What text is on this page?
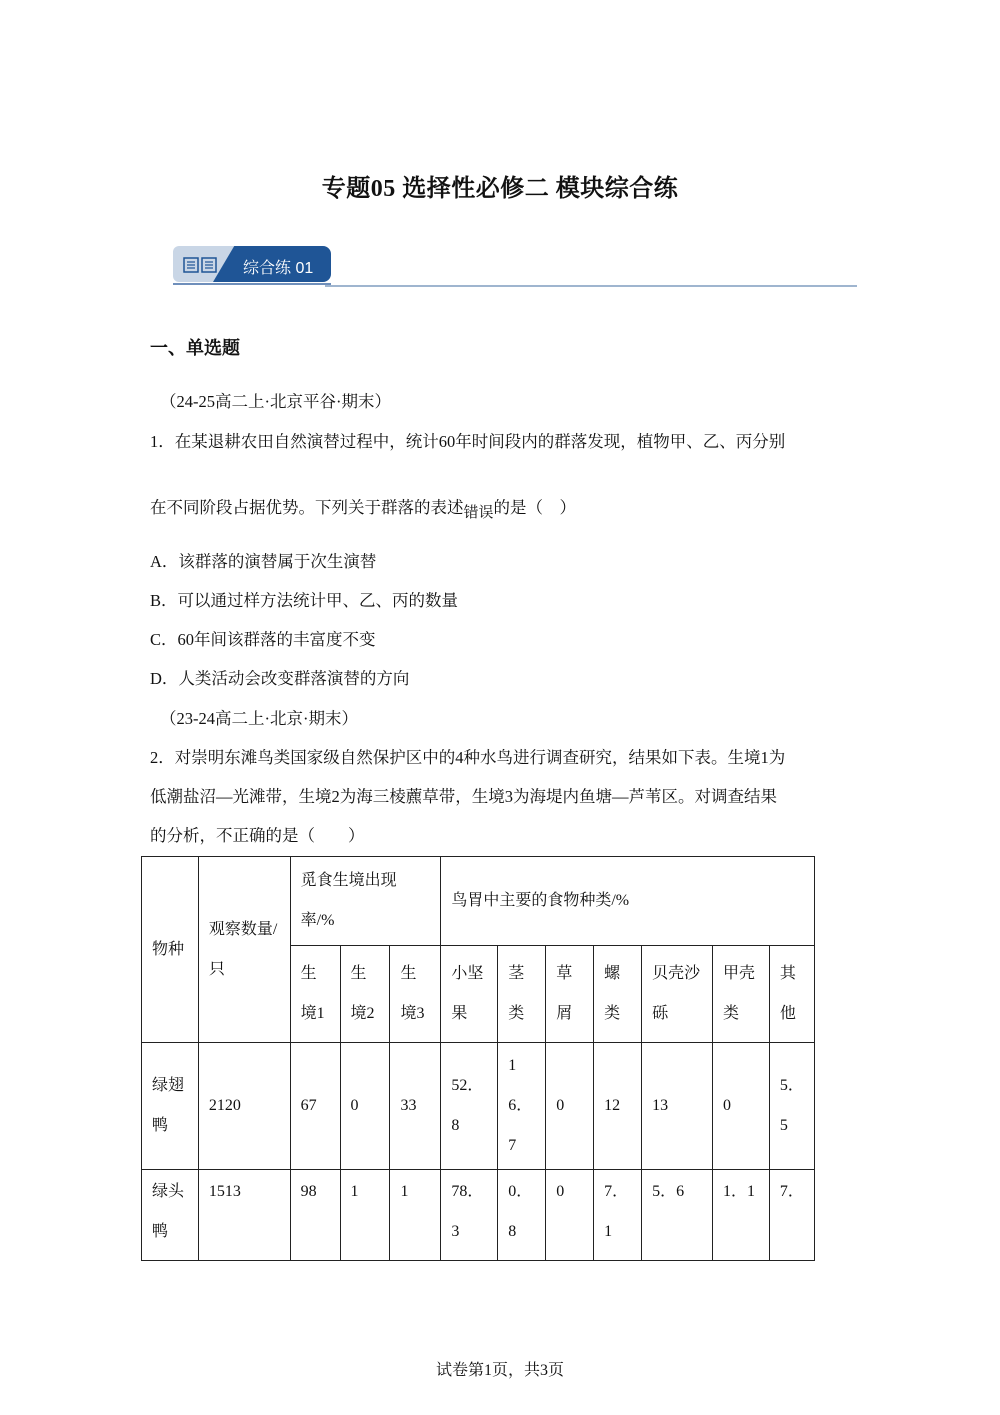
专题05 选择性必修二 模块综合练
综合练 01
一、单选题
（24-25高二上·北京平谷·期末）
1．在某退耕农田自然演替过程中，统计60年时间段内的群落发现，植物甲、乙、丙分别
在不同阶段占据优势。下列关于群落的表述错误的是（　）
A．该群落的演替属于次生演替
B．可以通过样方法统计甲、乙、丙的数量
C．60年间该群落的丰富度不变
D．人类活动会改变群落演替的方向
（23-24高二上·北京·期末）
2．对崇明东滩鸟类国家级自然保护区中的4种水鸟进行调查研究，结果如下表。生境1为
低潮盐沼—光滩带，生境2为海三棱藨草带，生境3为海堤内鱼塘—芦苇区。对调查结果
的分析，不正确的是（　　）
物种	观察数量/只	觅食生境出现率/%			鸟胃中主要的食物种类/%						
		生境1	生境2	生境3	小坚果	茎类	草屑	螺类	贝壳沙砾	甲壳类	其他
绿翅鸭	2120	67	0	33	52．8	16．7	0	12	13	0	5．5
绿头鸭	1513	98	1	1	78．3	0．8	0	7．1	5．6	1．1	7．
试卷第1页，共3页
